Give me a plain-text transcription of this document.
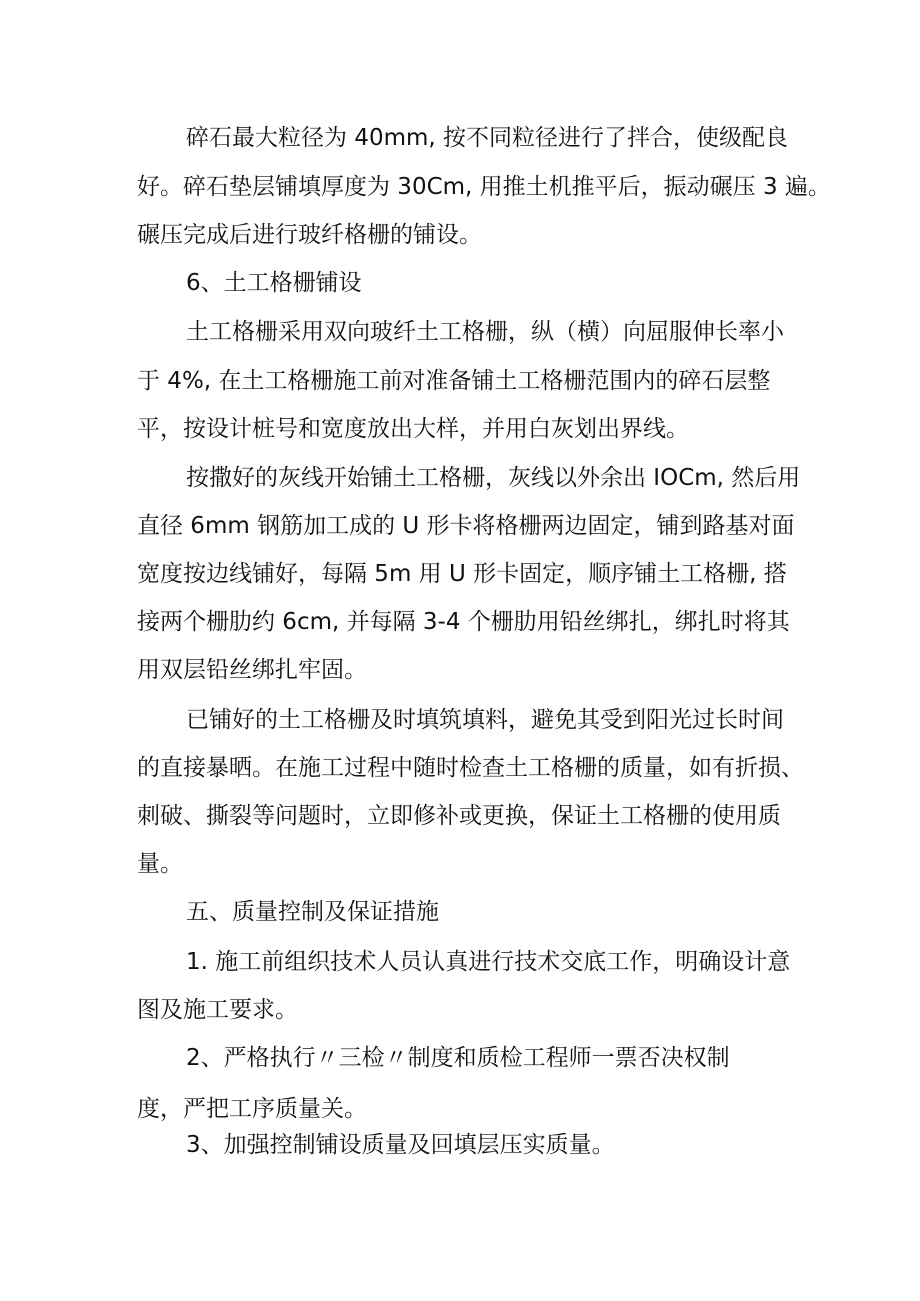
碎石最大粒径为 40mm, 按不同粒径进行了拌合，使级配良
好。碎石垫层铺填厚度为 30Cm, 用推土机推平后，振动碾压 3 遍。
碾压完成后进行玻纤格栅的铺设。
6、土工格栅铺设
土工格栅采用双向玻纤土工格栅，纵（横）向屈服伸长率小
于 4%, 在土工格栅施工前对准备铺土工格栅范围内的碎石层整
平，按设计桩号和宽度放出大样，并用白灰划出界线。
按撒好的灰线开始铺土工格栅，灰线以外余出 IOCm, 然后用
直径 6mm 钢筋加工成的 U 形卡将格栅两边固定，铺到路基对面
宽度按边线铺好，每隔 5m 用 U 形卡固定，顺序铺土工格栅, 搭
接两个栅肋约 6cm, 并每隔 3-4 个栅肋用铅丝绑扎，绑扎时将其
用双层铅丝绑扎牢固。
已铺好的土工格栅及时填筑填料，避免其受到阳光过长时间
的直接暴晒。在施工过程中随时检查土工格栅的质量，如有折损、
刺破、撕裂等问题时，立即修补或更换，保证土工格栅的使用质
量。
五、质量控制及保证措施
1. 施工前组织技术人员认真进行技术交底工作，明确设计意
图及施工要求。
2、严格执行〃三检〃制度和质检工程师一票否决权制
度，严把工序质量关。
3、加强控制铺设质量及回填层压实质量。
